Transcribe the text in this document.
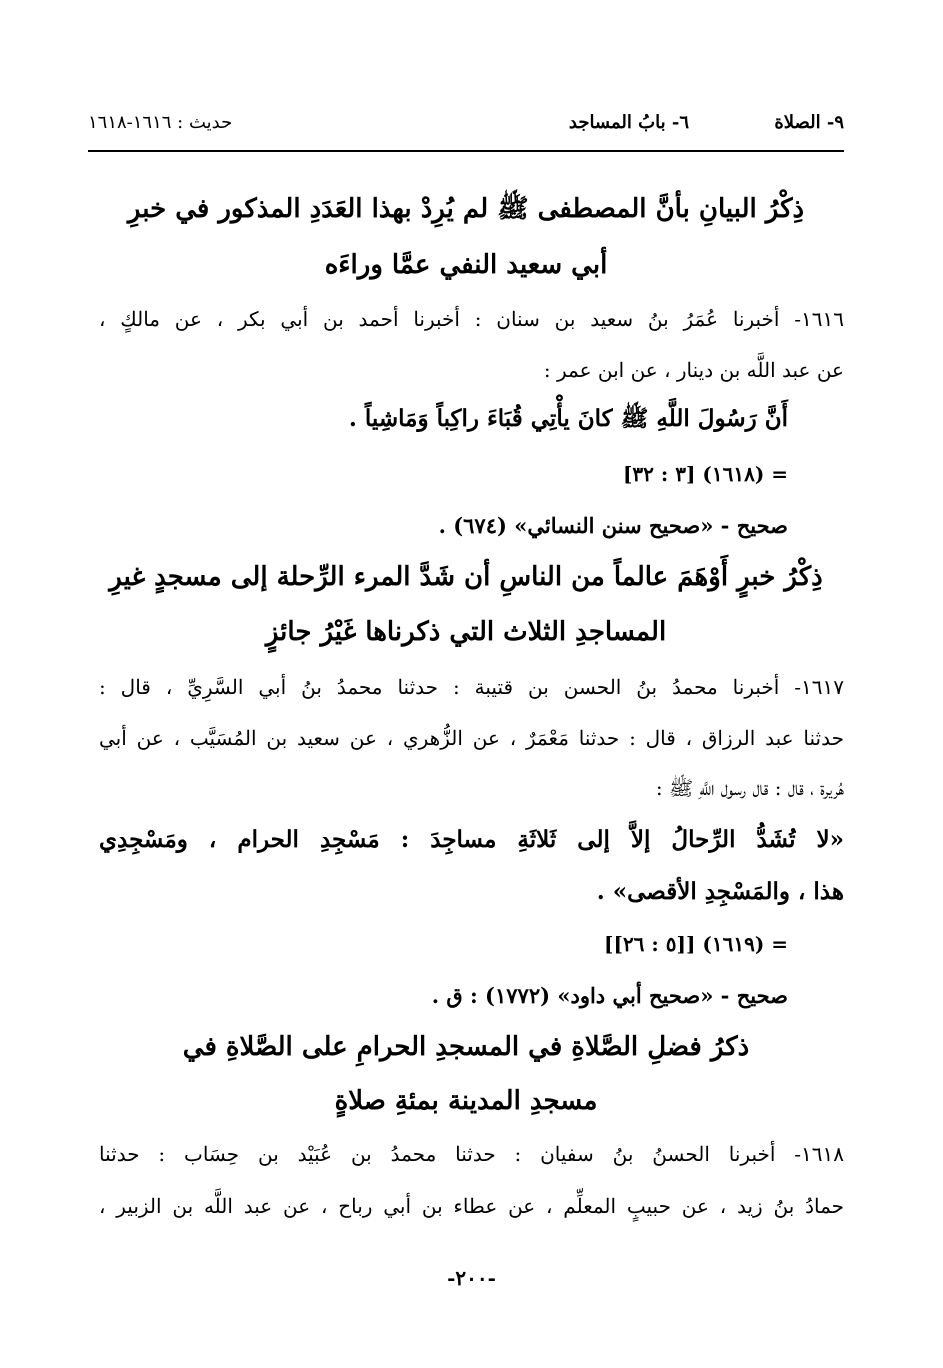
٩- الصلاة
٦- بابُ المساجد
حديث : ١٦١٦-١٦١٨
ذِكْرُ البيانِ بأنَّ المصطفى ﷺ لم يُرِدْ بهذا العَدَدِ المذكور في خبرِ
أبي سعيد النفي عمَّا وراءَه
١٦١٦- أخبرنا عُمَرُ بنُ سعيد بن سنان : أخبرنا أحمد بن أبي بكر ، عن مالكٍ ،
عن عبد اللَّه بن دينار ، عن ابن عمر :
أَنَّ رَسُولَ اللَّهِ ﷺ كانَ يأْتِي قُبَاءَ راكِباً وَمَاشِياً .
= (١٦١٨) [٣ : ٣٢]
صحيح - «صحيح سنن النسائي» (٦٧٤) .
ذِكْرُ خبرٍ أَوْهَمَ عالماً من الناسِ أن شَدَّ المرء الرِّحلة إلى مسجدٍ غيرِ
المساجدِ الثلاث التي ذكرناها غَيْرُ جائزٍ
١٦١٧- أخبرنا محمدُ بنُ الحسن بن قتيبة : حدثنا محمدُ بنُ أبي السَّرِيِّ ، قال :
حدثنا عبد الرزاق ، قال : حدثنا مَعْمَرٌ ، عن الزُّهري ، عن سعيد بن المُسَيَّب ، عن أبي
هُريرة ، قال : قال رسول اللَّهِ ﷺ :
«لا تُشَدُّ الرِّحالُ إلاَّ إلى ثَلاثَةِ مساجِدَ : مَسْجِدِ الحرام ، ومَسْجِدِي
هذا ، والمَسْجِدِ الأقصى» .
= (١٦١٩) [[٥ : ٢٦]]
صحيح - «صحيح أبي داود» (١٧٧٢) : ق .
ذكرُ فضلِ الصَّلاةِ في المسجدِ الحرامِ على الصَّلاةِ في
مسجدِ المدينة بمئةِ صلاةٍ
١٦١٨- أخبرنا الحسنُ بنُ سفيان : حدثنا محمدُ بن عُبَيْد بن حِسَاب : حدثنا
حمادُ بنُ زيد ، عن حبيبٍ المعلِّم ، عن عطاء بن أبي رباح ، عن عبد اللَّه بن الزبير ،
-٢٠٠-
